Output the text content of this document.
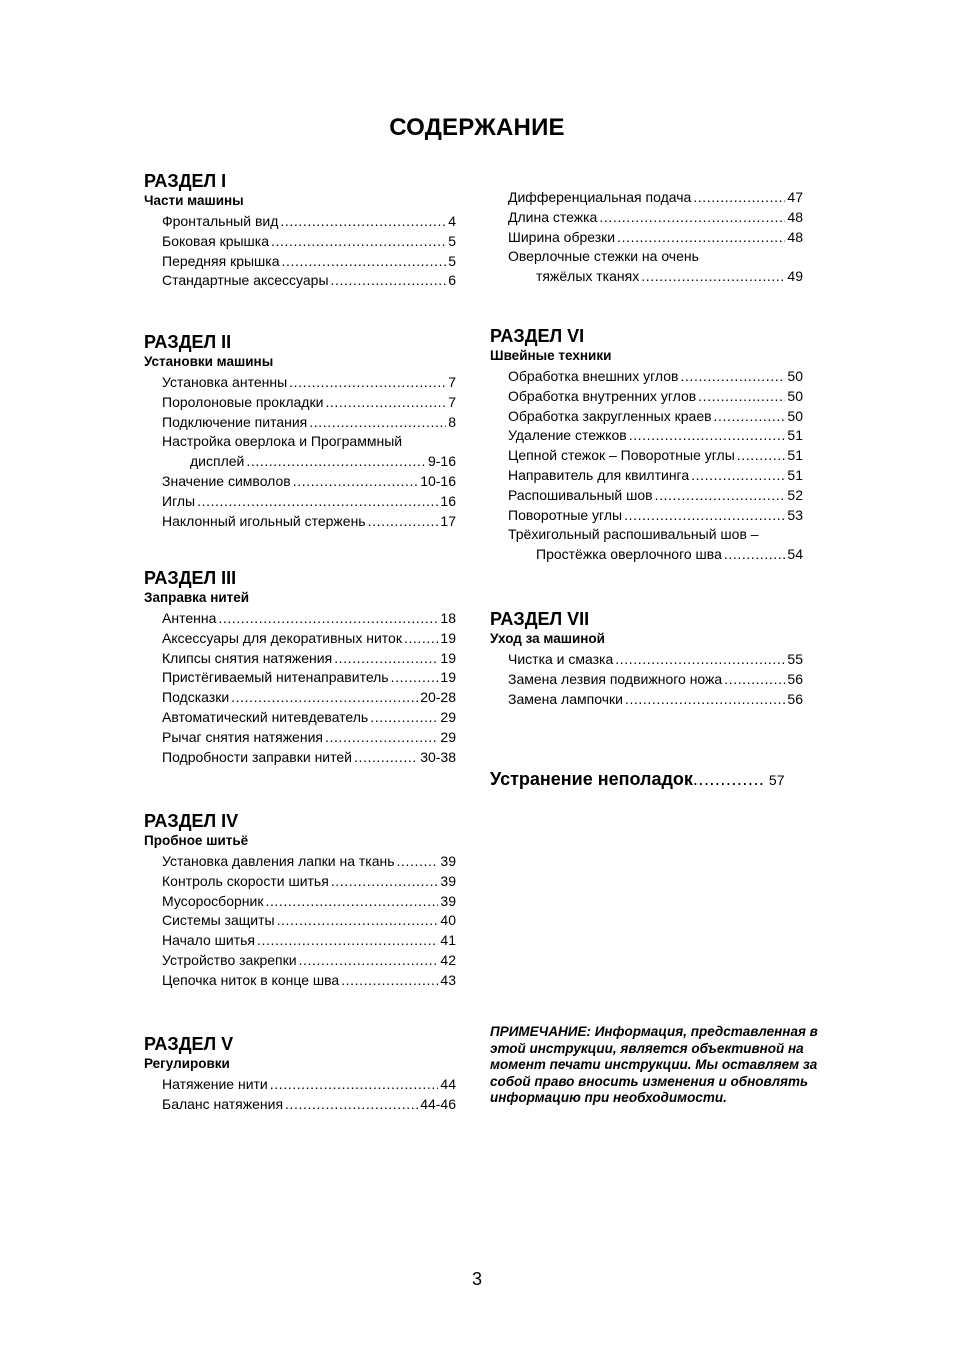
СОДЕРЖАНИЕ
РАЗДЕЛ I
Части машины
Фронтальный вид .....	4
Боковая крышка .....	5
Передняя крышка .....	5
Стандартные аксессуары .....	6
РАЗДЕЛ II
Установки машины
Установка антенны .....	7
Поролоновые прокладки .....	7
Подключение питания .....	8
Настройка оверлока и Программный
дисплей .....	9-16
Значение символов .....	10-16
Иглы .....	16
Наклонный игольный стержень .....	17
РАЗДЕЛ III
Заправка нитей
Антенна .....	18
Аксессуары для декоративных ниток .....	19
Клипсы снятия натяжения .....	19
Пристёгиваемый нитенаправитель .....	19
Подсказки .....	20-28
Автоматический нитевдеватель .....	29
Рычаг снятия натяжения .....	29
Подробности заправки нитей .....	30-38
РАЗДЕЛ IV
Пробное шитьё
Установка давления лапки на ткань .....	39
Контроль скорости шитья .....	39
Мусоросборник .....	39
Системы защиты .....	40
Начало шитья .....	41
Устройство закрепки .....	42
Цепочка ниток в конце шва .....	43
РАЗДЕЛ V
Регулировки
Натяжение нити .....	44
Баланс натяжения .....	44-46
Дифференциальная подача .....	47
Длина стежка .....	48
Ширина обрезки .....	48
Оверлочные стежки на очень
тяжёлых тканях .....	49
РАЗДЕЛ VI
Швейные техники
Обработка внешних углов .....	50
Обработка внутренних углов .....	50
Обработка закругленных краев .....	50
Удаление стежков .....	51
Цепной стежок – Поворотные углы .....	51
Направитель для квилтинга .....	51
Распошивальный шов .....	52
Поворотные углы .....	53
Трёхигольный распошивальный шов –
Простёжка оверлочного шва .....	54
РАЗДЕЛ VII
Уход за машиной
Чистка и смазка .....	55
Замена лезвия подвижного ножа .....	56
Замена лампочки .....	56
Устранение неполадок .....	57
ПРИМЕЧАНИЕ: Информация, представленная в этой инструкции, является объективной на момент печати инструкции. Мы оставляем за собой право вносить изменения и обновлять информацию при необходимости.
3
